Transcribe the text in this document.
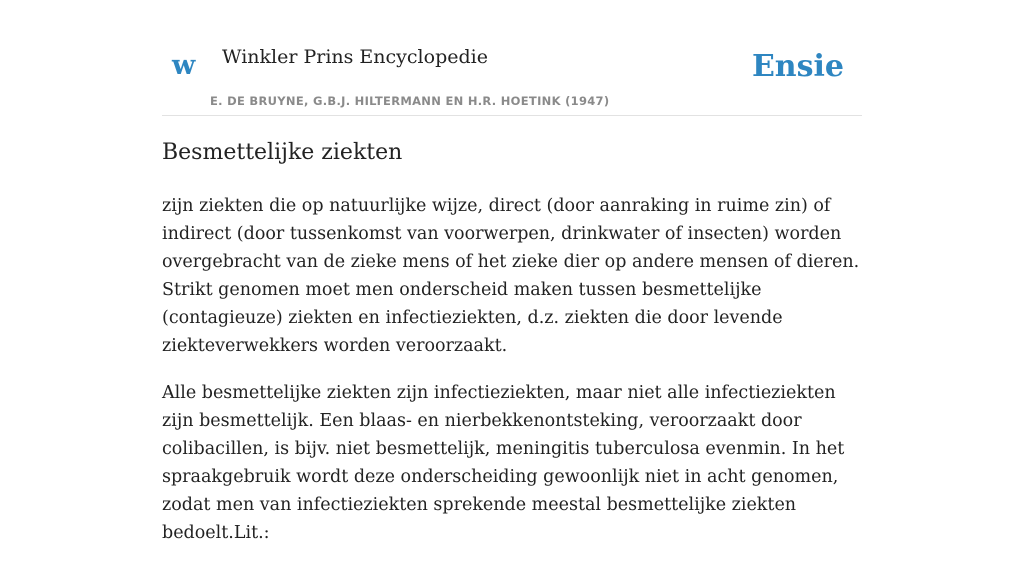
w Winkler Prins Encyclopedie
E. DE BRUYNE, G.B.J. HILTERMANN EN H.R. HOETINK (1947)
Ensie
Besmettelijke ziekten

zijn ziekten die op natuurlijke wijze, direct (door aanraking in ruime zin) of indirect (door tussenkomst van voorwerpen, drinkwater of insecten) worden overgebracht van de zieke mens of het zieke dier op andere mensen of dieren. Strikt genomen moet men onderscheid maken tussen besmettelijke (contagieuze) ziekten en infectieziekten, d.z. ziekten die door levende ziekteverwekkers worden veroorzaakt.

Alle besmettelijke ziekten zijn infectieziekten, maar niet alle infectieziekten zijn besmettelijk. Een blaas- en nierbekkenontsteking, veroorzaakt door colibacillen, is bijv. niet besmettelijk, meningitis tuberculosa evenmin. In het spraakgebruik wordt deze onderscheiding gewoonlijk niet in acht genomen, zodat men van infectieziekten sprekende meestal besmettelijke ziekten bedoelt.Lit.:
